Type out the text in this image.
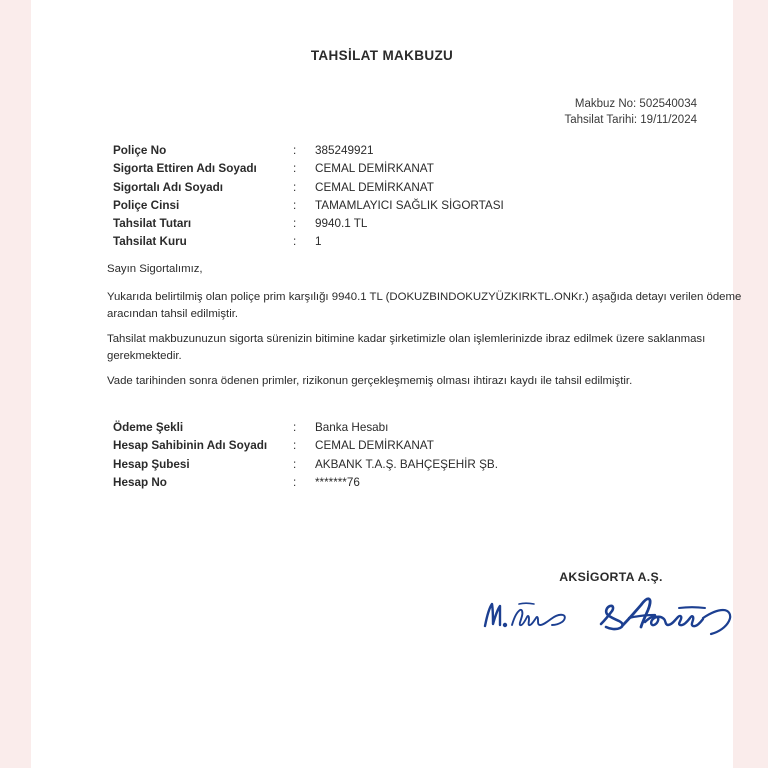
TAHSİLAT MAKBUZU
Makbuz No: 502540034
Tahsilat Tarihi: 19/11/2024
Poliçe No	:	385249921
Sigorta Ettiren Adı Soyadı	:	CEMAL DEMİRKANAT
Sigortalı Adı Soyadı	:	CEMAL DEMİRKANAT
Poliçe Cinsi	:	TAMAMLAYICI SAĞLIK SİGORTASI
Tahsilat Tutarı	:	9940.1 TL
Tahsilat Kuru	:	1
Sayın Sigortalımız,
Yukarıda belirtilmiş olan poliçe prim karşılığı 9940.1 TL (DOKUZBINDOKUZYÜZKIRKTL.ONKr.) aşağıda detayı verilen ödeme aracından tahsil edilmiştir.
Tahsilat makbuzunuzun sigorta sürenizin bitimine kadar şirketimizle olan işlemlerinizde ibraz edilmek üzere saklanması gerekmektedir.
Vade tarihinden sonra ödenen primler, rizikonun gerçekleşmemiş olması ihtirazı kaydı ile tahsil edilmiştir.
Ödeme Şekli	:	Banka Hesabı
Hesap Sahibinin Adı Soyadı	:	CEMAL DEMİRKANAT
Hesap Şubesi	:	AKBANK T.A.Ş. BAHÇEŞEHİR ŞB.
Hesap No	:	*******76
AKSİGORTA A.Ş.
